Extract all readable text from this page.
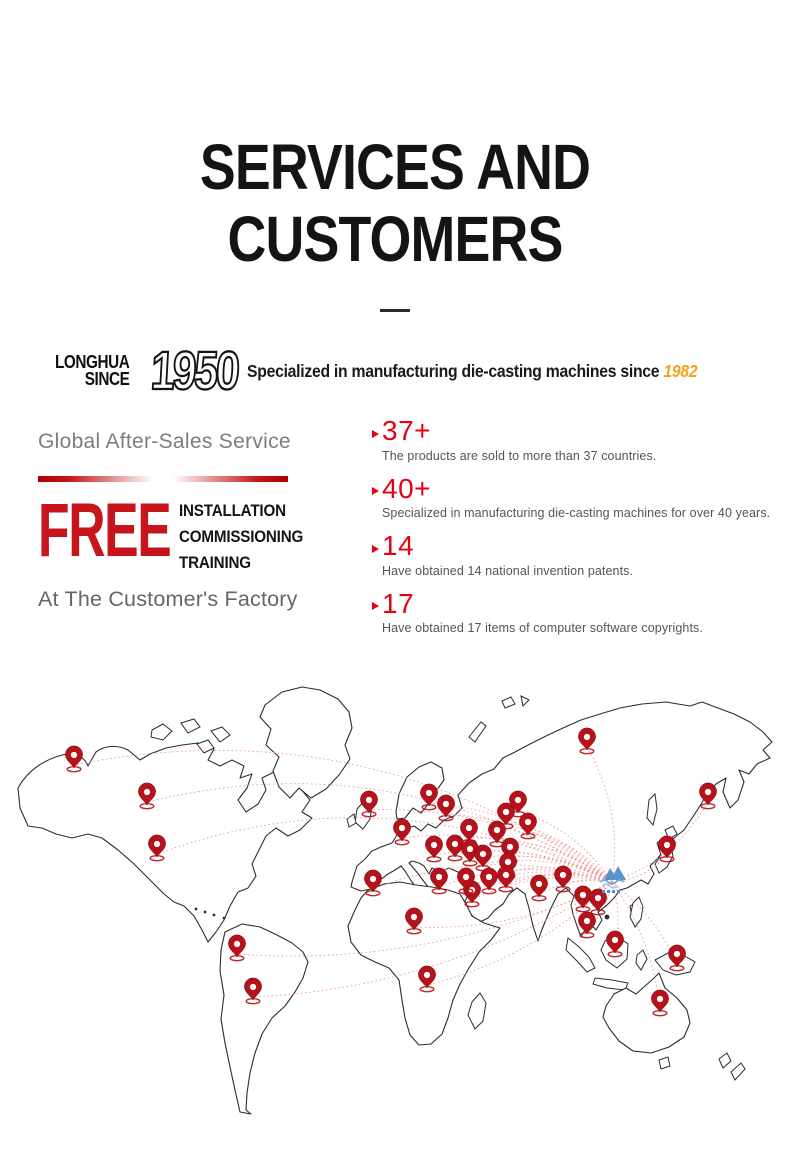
SERVICES AND
CUSTOMERS
LONGHUA
SINCE 1950 Specialized in manufacturing die-casting machines since 1982
Global After-Sales Service
FREE INSTALLATION
COMMISSIONING
TRAINING
At The Customer's Factory
37+
The products are sold to more than 37 countries.
40+
Specialized in manufacturing die-casting machines for over 40 years.
14
Have obtained 14 national invention patents.
17
Have obtained 17 items of computer software copyrights.
